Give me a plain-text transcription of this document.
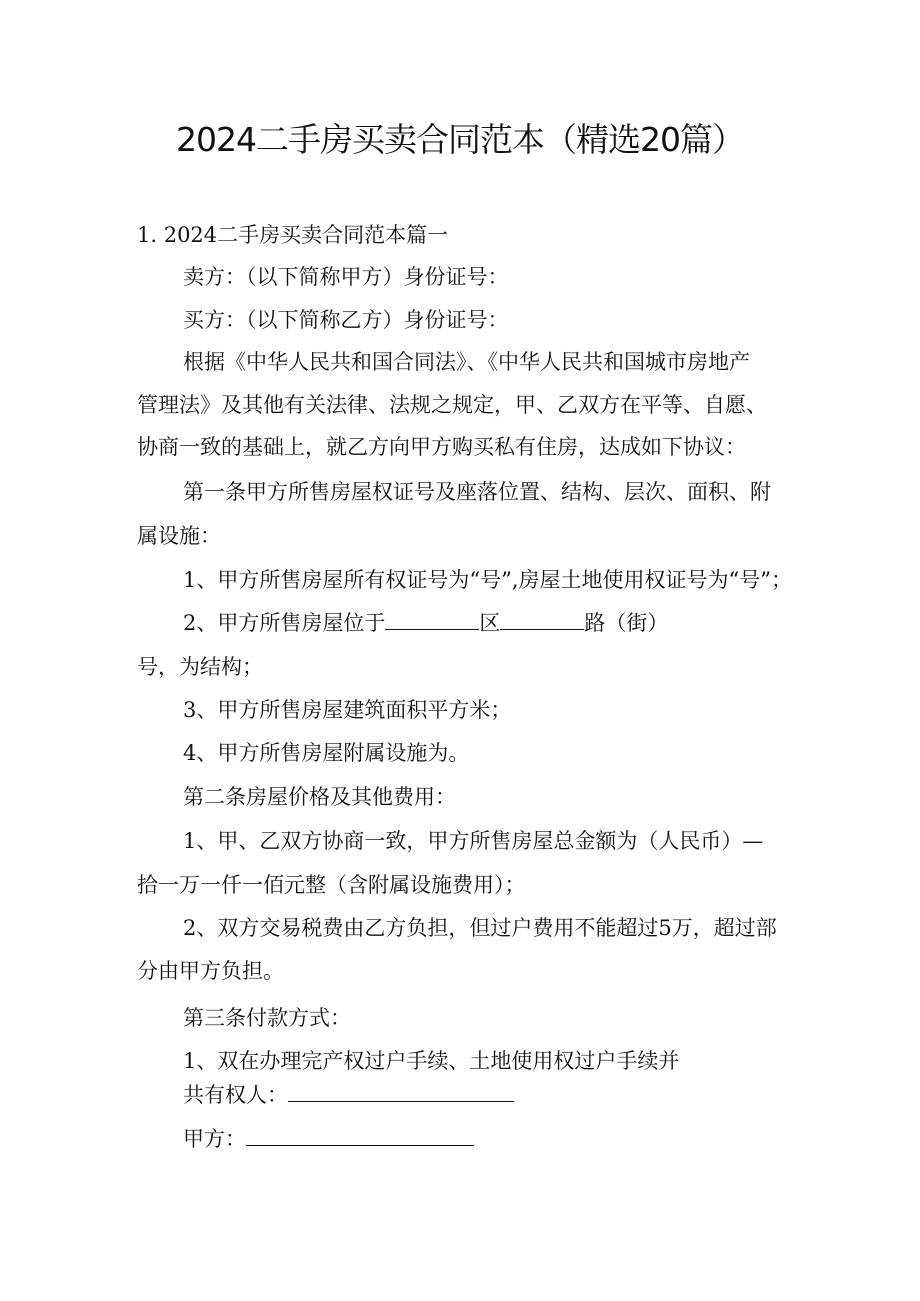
2024二手房买卖合同范本（精选20篇）
1. 2024二手房买卖合同范本篇一
卖方：（以下简称甲方）身份证号：
买方：（以下简称乙方）身份证号：
根据《中华人民共和国合同法》、《中华人民共和国城市房地产
管理法》及其他有关法律、法规之规定，甲、乙双方在平等、自愿、
协商一致的基础上，就乙方向甲方购买私有住房，达成如下协议：
第一条甲方所售房屋权证号及座落位置、结构、层次、面积、附
属设施：
1、甲方所售房屋所有权证号为“号”,房屋土地使用权证号为“号”；
2、甲方所售房屋位于	区	路（街）
号，为结构；
3、甲方所售房屋建筑面积平方米；
4、甲方所售房屋附属设施为。
第二条房屋价格及其他费用：
1、甲、乙双方协商一致，甲方所售房屋总金额为（人民币）—
拾一万一仟一佰元整（含附属设施费用）；
2、双方交易税费由乙方负担，但过户费用不能超过5万，超过部
分由甲方负担。
第三条付款方式：
1、双在办理完产权过户手续、土地使用权过户手续并
共有权人：
甲方：
